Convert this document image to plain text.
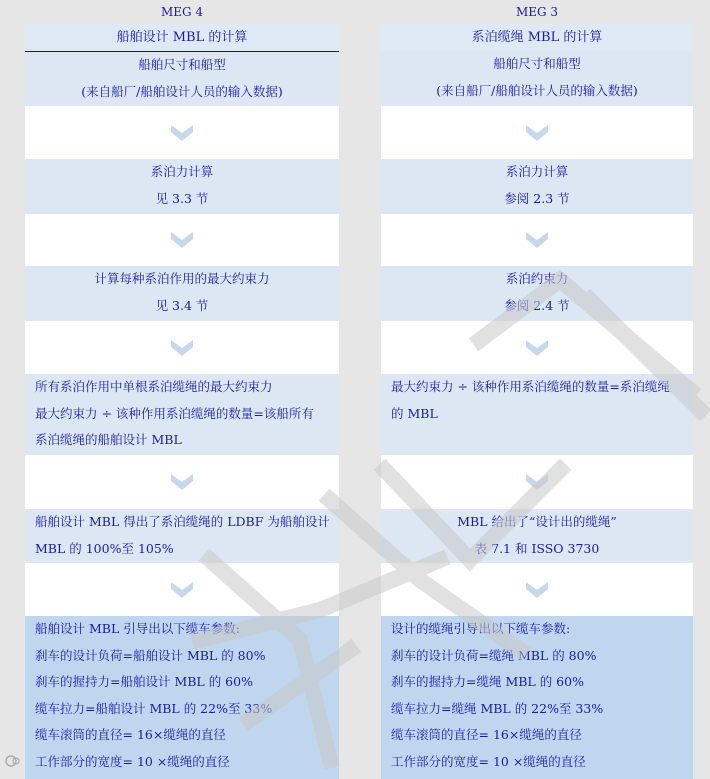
MEG 4
船舶设计 MBL 的计算
船舶尺寸和船型
(来自船厂/船舶设计人员的输入数据)
系泊力计算
见 3.3 节
计算每种系泊作用的最大约束力
见 3.4 节
所有系泊作用中单根系泊缆绳的最大约束力
最大约束力 ÷ 该种作用系泊缆绳的数量=该船所有
系泊缆绳的船舶设计 MBL
船舶设计 MBL 得出了系泊缆绳的 LDBF 为船舶设计
MBL 的 100%至 105%
船舶设计 MBL 引导出以下缆车参数:
刹车的设计负荷=船舶设计 MBL 的 80%
刹车的握持力=船舶设计 MBL 的 60%
缆车拉力=船舶设计 MBL 的 22%至 33%
缆车滚筒的直径= 16×缆绳的直径
工作部分的宽度= 10 ×缆绳的直径
MEG 3
系泊缆绳 MBL 的计算
船舶尺寸和船型
(来自船厂/船舶设计人员的输入数据)
系泊力计算
参阅 2.3 节
系泊约束力
参阅 2.4 节
最大约束力 ÷ 该种作用系泊缆绳的数量=系泊缆绳
的 MBL
MBL 给出了“设计出的缆绳”
表 7.1 和 ISSO 3730
设计的缆绳引导出以下缆车参数:
刹车的设计负荷=缆绳 MBL 的 80%
刹车的握持力=缆绳 MBL 的 60%
缆车拉力=缆绳 MBL 的 22%至 33%
缆车滚筒的直径= 16×缆绳的直径
工作部分的宽度= 10 ×缆绳的直径
